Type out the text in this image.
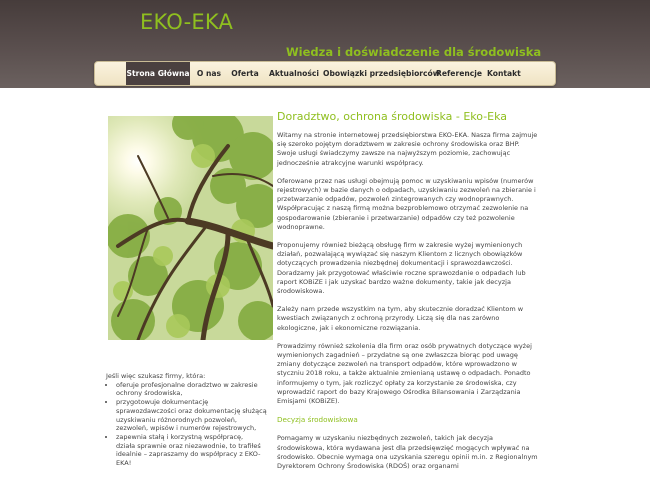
EKO-EKA
Wiedza i doświadczenie dla środowiska
Strona Główna O nas	Oferta	Aktualności Obowiązki przedsiębiorców
Referencje Kontakt
Doradztwo, ochrona środowiska - Eko-Eka

Witamy na stronie internetowej przedsiębiorstwa EKO-EKA. Nasza firma zajmuje się szeroko pojętym doradztwem w zakresie ochrony środowiska oraz BHP. Swoje usługi świadczymy zawsze na najwyższym poziomie, zachowując jednocześnie atrakcyjne warunki współpracy.

Oferowane przez nas usługi obejmują pomoc w uzyskiwaniu wpisów (numerów rejestrowych) w bazie danych o odpadach, uzyskiwaniu zezwoleń na zbieranie i przetwarzanie odpadów, pozwoleń zintegrowanych czy wodnoprawnych. Współpracując z naszą firmą można bezproblemowo otrzymać zezwolenie na gospodarowanie (zbieranie i przetwarzanie) odpadów czy też pozwolenie wodnoprawne.

Proponujemy również bieżącą obsługę firm w zakresie wyżej wymienionych działań, pozwalającą wywiązać się naszym Klientom z licznych obowiązków dotyczących prowadzenia niezbędnej dokumentacji i sprawozdawczości. Doradzamy jak przygotować właściwie roczne sprawozdanie o odpadach lub raport KOBiZE i jak uzyskać bardzo ważne dokumenty, takie jak decyzja środowiskowa.

Zależy nam przede wszystkim na tym, aby skutecznie doradzać Klientom w kwestiach związanych z ochroną przyrody. Liczą się dla nas zarówno ekologiczne, jak i ekonomiczne rozwiązania.

Prowadzimy również szkolenia dla firm oraz osób prywatnych dotyczące wyżej wymienionych zagadnień – przydatne są one zwłaszcza biorąc pod uwagę zmiany dotyczące zezwoleń na transport odpadów, które wprowadzono w styczniu 2018 roku, a także aktualnie zmienianą ustawę o odpadach. Ponadto informujemy o tym, jak rozliczyć opłaty za korzystanie ze środowiska, czy wprowadzić raport do bazy Krajowego Ośrodka Bilansowania i Zarządzania Emisjami (KOBiZE).

Decyzja środowiskowa

Pomagamy w uzyskaniu niezbędnych zezwoleń, takich jak decyzja środowiskowa, która wydawana jest dla przedsięwzięć mogących wpływać na środowisko. Obecnie wymaga ona uzyskania szeregu opinii m.in. z Regionalnym Dyrektorem Ochrony Środowiska (RDOŚ) oraz organami

Jeśli więc szukasz firmy, która:
• oferuje profesjonalne doradztwo w zakresie ochrony środowiska,
• przygotowuje dokumentację sprawozdawczości oraz dokumentację służącą uzyskiwaniu różnorodnych pozwoleń, zezwoleń, wpisów i numerów rejestrowych,
• zapewnia stałą i korzystną współpracę,
działa sprawnie oraz niezawodnie, to trafiłeś idealnie – zapraszamy do współpracy z EKO-EKA!
